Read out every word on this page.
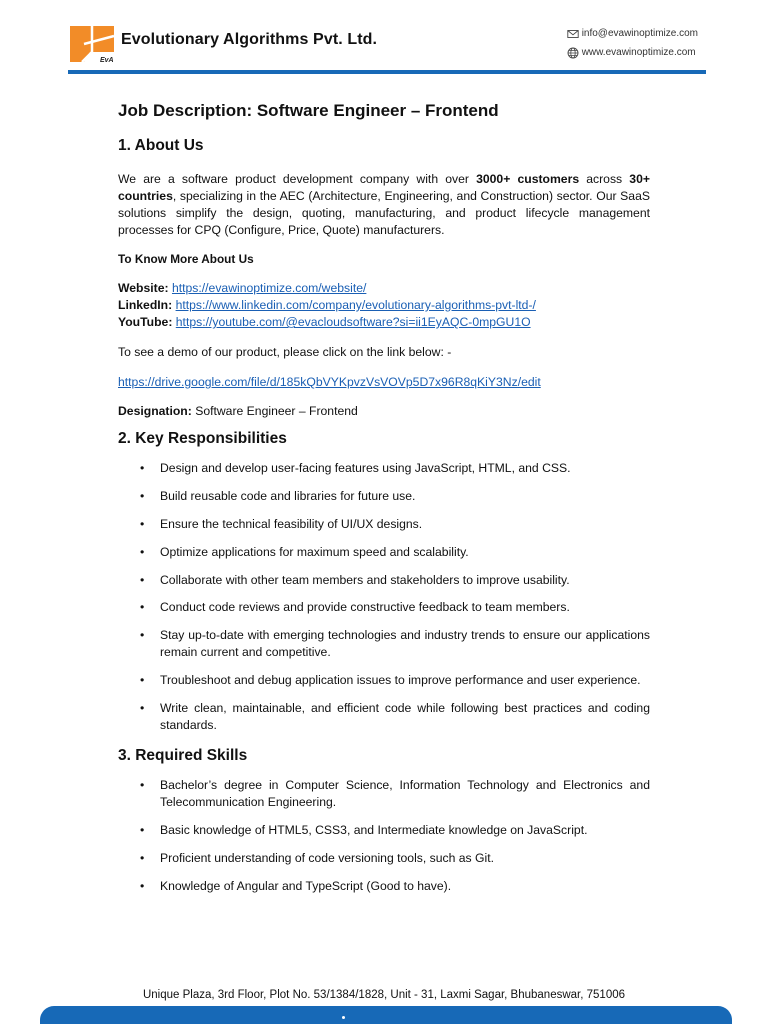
EvA
Evolutionary Algorithms Pvt. Ltd.	info@evawinoptimize.com
www.evawinoptimize.com
Job Description: Software Engineer – Frontend
1. About Us

We are a software product development company with over 3000+ customers across 30+ countries, specializing in the AEC (Architecture, Engineering, and Construction) sector. Our SaaS solutions simplify the design, quoting, manufacturing, and product lifecycle management processes for CPQ (Configure, Price, Quote) manufacturers.

To Know More About Us
Website: https://evawinoptimize.com/website/
LinkedIn: https://www.linkedin.com/company/evolutionary-algorithms-pvt-ltd-/
YouTube: https://youtube.com/@evacloudsoftware?si=ii1EyAQC-0mpGU1O
To see a demo of our product, please click on the link below: -
https://drive.google.com/file/d/185kQbVYKpvzVsVOVp5D7x96R8qKiY3Nz/edit
Designation: Software Engineer – Frontend
2. Key Responsibilities
• Design and develop user-facing features using JavaScript, HTML, and CSS.
• Build reusable code and libraries for future use.
• Ensure the technical feasibility of UI/UX designs.
• Optimize applications for maximum speed and scalability.
• Collaborate with other team members and stakeholders to improve usability.
• Conduct code reviews and provide constructive feedback to team members.
• Stay up-to-date with emerging technologies and industry trends to ensure our applications remain current and competitive.
• Troubleshoot and debug application issues to improve performance and user experience.
• Write clean, maintainable, and efficient code while following best practices and coding standards.
3. Required Skills
• Bachelor’s degree in Computer Science, Information Technology and Electronics and Telecommunication Engineering.
• Basic knowledge of HTML5, CSS3, and Intermediate knowledge on JavaScript.
• Proficient understanding of code versioning tools, such as Git.
• Knowledge of Angular and TypeScript (Good to have).
Unique Plaza, 3rd Floor, Plot No. 53/1384/1828, Unit - 31, Laxmi Sagar, Bhubaneswar, 751006
